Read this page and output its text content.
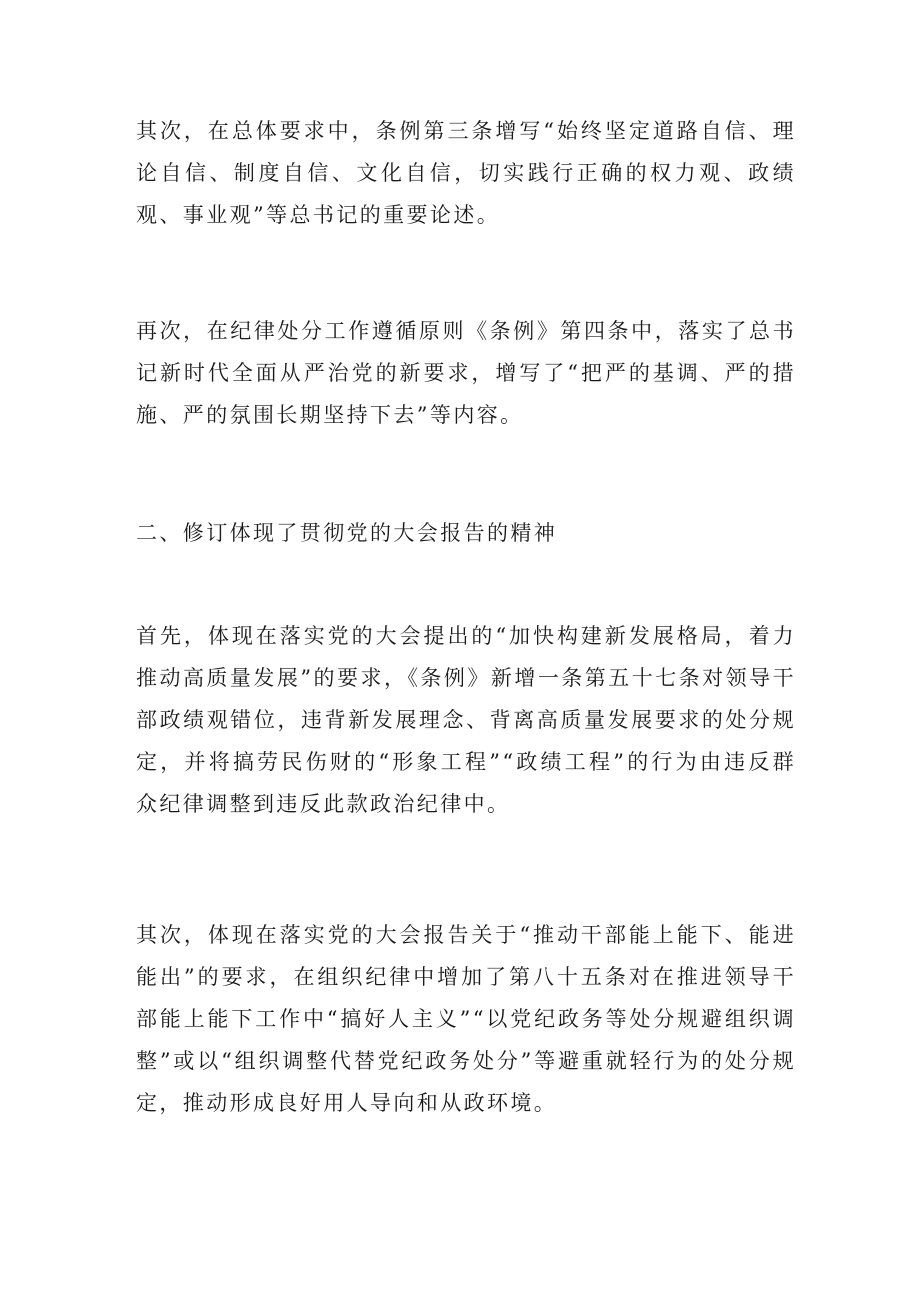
其次，在总体要求中，条例第三条增写“始终坚定道路自信、理论自信、制度自信、文化自信，切实践行正确的权力观、政绩观、事业观”等总书记的重要论述。

再次，在纪律处分工作遵循原则《条例》第四条中，落实了总书记新时代全面从严治党的新要求，增写了“把严的基调、严的措施、严的氛围长期坚持下去”等内容。

二、修订体现了贯彻党的大会报告的精神

首先，体现在落实党的大会提出的“加快构建新发展格局，着力推动高质量发展”的要求，《条例》新增一条第五十七条对领导干部政绩观错位，违背新发展理念、背离高质量发展要求的处分规定，并将搞劳民伤财的“形象工程”“政绩工程”的行为由违反群众纪律调整到违反此款政治纪律中。

其次，体现在落实党的大会报告关于“推动干部能上能下、能进能出”的要求，在组织纪律中增加了第八十五条对在推进领导干部能上能下工作中“搞好人主义”“以党纪政务等处分规避组织调整”或以“组织调整代替党纪政务处分”等避重就轻行为的处分规定，推动形成良好用人导向和从政环境。
